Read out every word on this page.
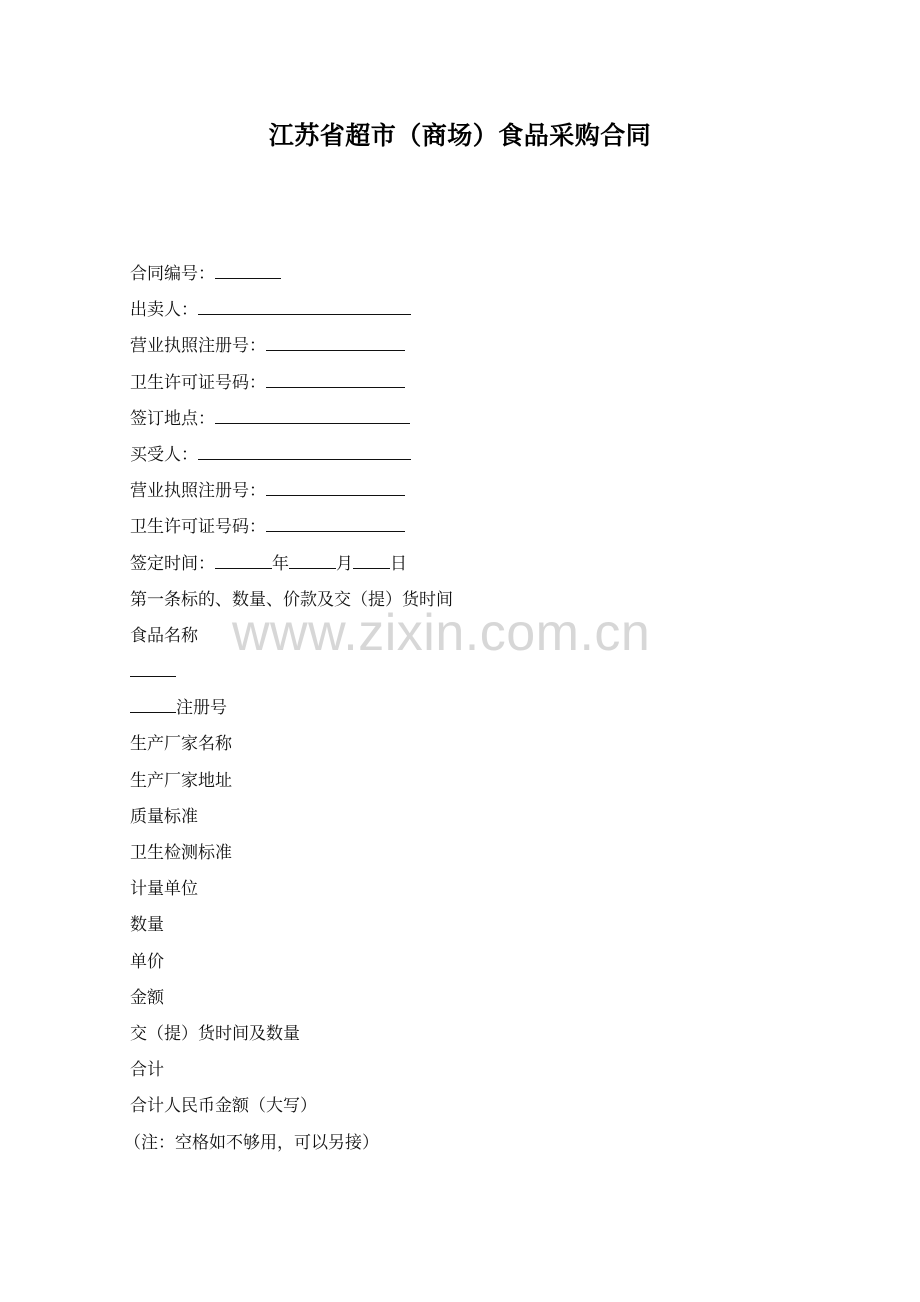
江苏省超市（商场）食品采购合同
合同编号：
出卖人：
营业执照注册号：
卫生许可证号码：
签订地点：
买受人：
营业执照注册号：
卫生许可证号码：
签定时间：	年	月 日
第一条标的、数量、价款及交（提）货时间
食品名称
注册号
生产厂家名称
生产厂家地址
质量标准
卫生检测标准
计量单位
数量
单价
金额
交（提）货时间及数量
合计
合计人民币金额（大写）
（注：空格如不够用，可以另接）
www.zixin.com.cn
